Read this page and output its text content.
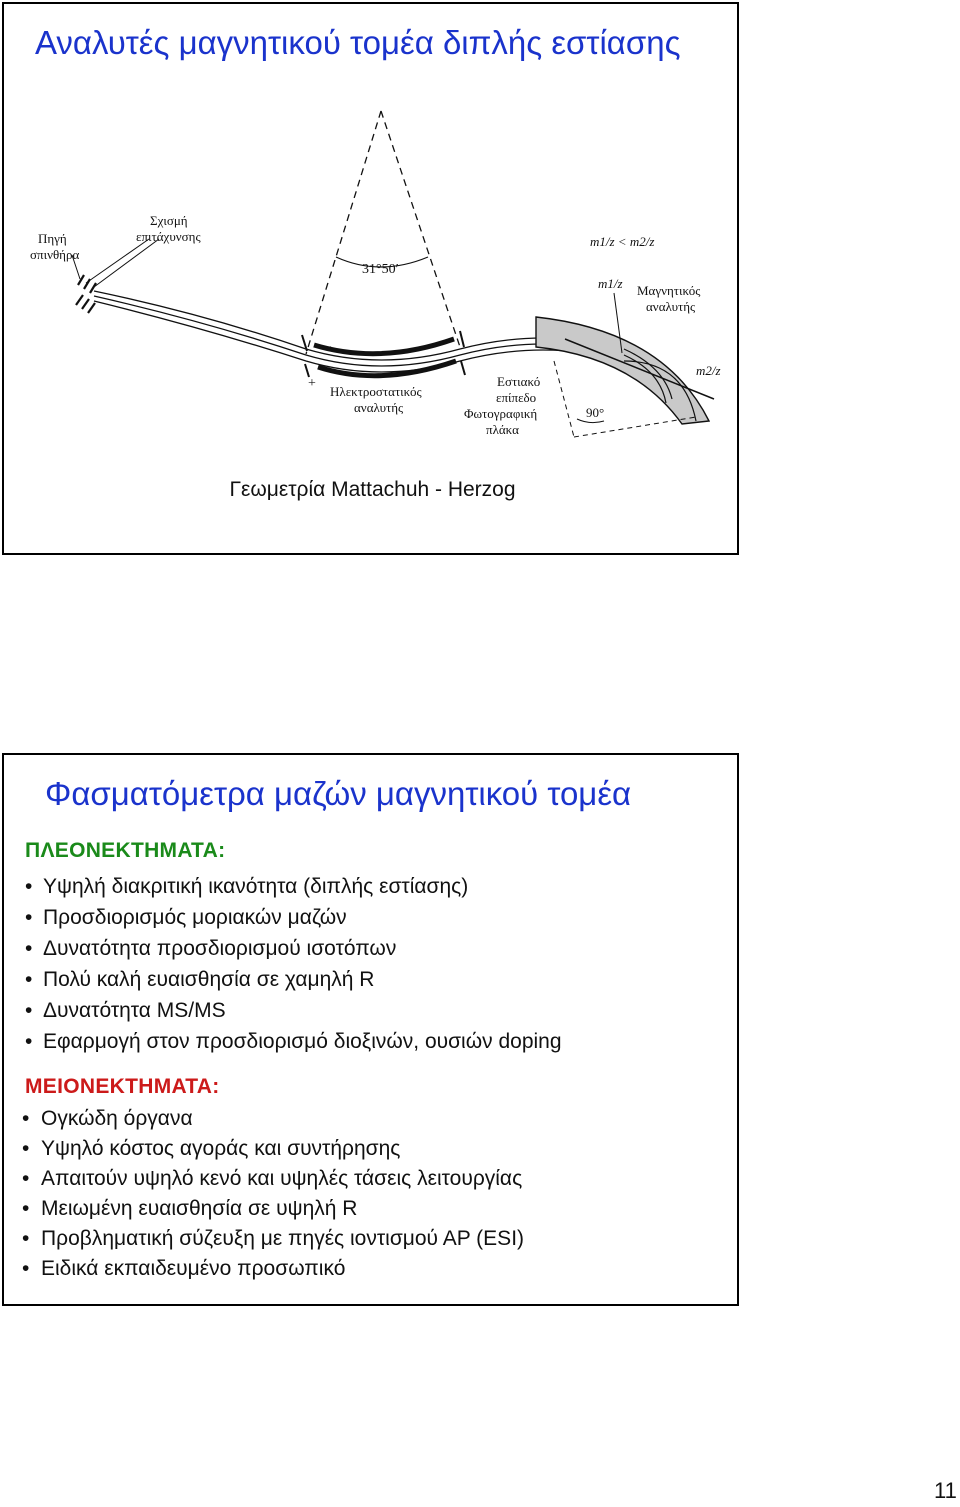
Αναλυτές μαγνητικού τομέα διπλής εστίασης
31°50′
Πηγή
σπινθήρα
Σχισμή
επιτάχυνσης
–
+
Ηλεκτροστατικός
αναλυτής	90°
Εστιακό
επίπεδο
Φωτογραφική
πλάκα
m1/z < m2/z
m1/z Μαγνητικός
αναλυτής
m2/z
Γεωμετρία Mattachuh - Herzog
Φασματόμετρα μαζών μαγνητικού τομέα
ΠΛΕΟΝΕΚΤΗΜΑΤΑ:
• Υψηλή διακριτική ικανότητα (διπλής εστίασης)
• Προσδιορισμός μοριακών μαζών
• Δυνατότητα προσδιορισμού ισοτόπων
• Πολύ καλή ευαισθησία σε χαμηλή R
• Δυνατότητα MS/MS
• Εφαρμογή στον προσδιορισμό διοξινών, ουσιών doping
ΜΕΙΟΝΕΚΤΗΜΑΤΑ:
• Ογκώδη όργανα
• Υψηλό κόστος αγοράς και συντήρησης
• Απαιτούν υψηλό κενό και υψηλές τάσεις λειτουργίας
• Μειωμένη ευαισθησία σε υψηλή R
• Προβληματική σύζευξη με πηγές ιοντισμού ΑΡ (ESI)
• Ειδικά εκπαιδευμένο προσωπικό
11
